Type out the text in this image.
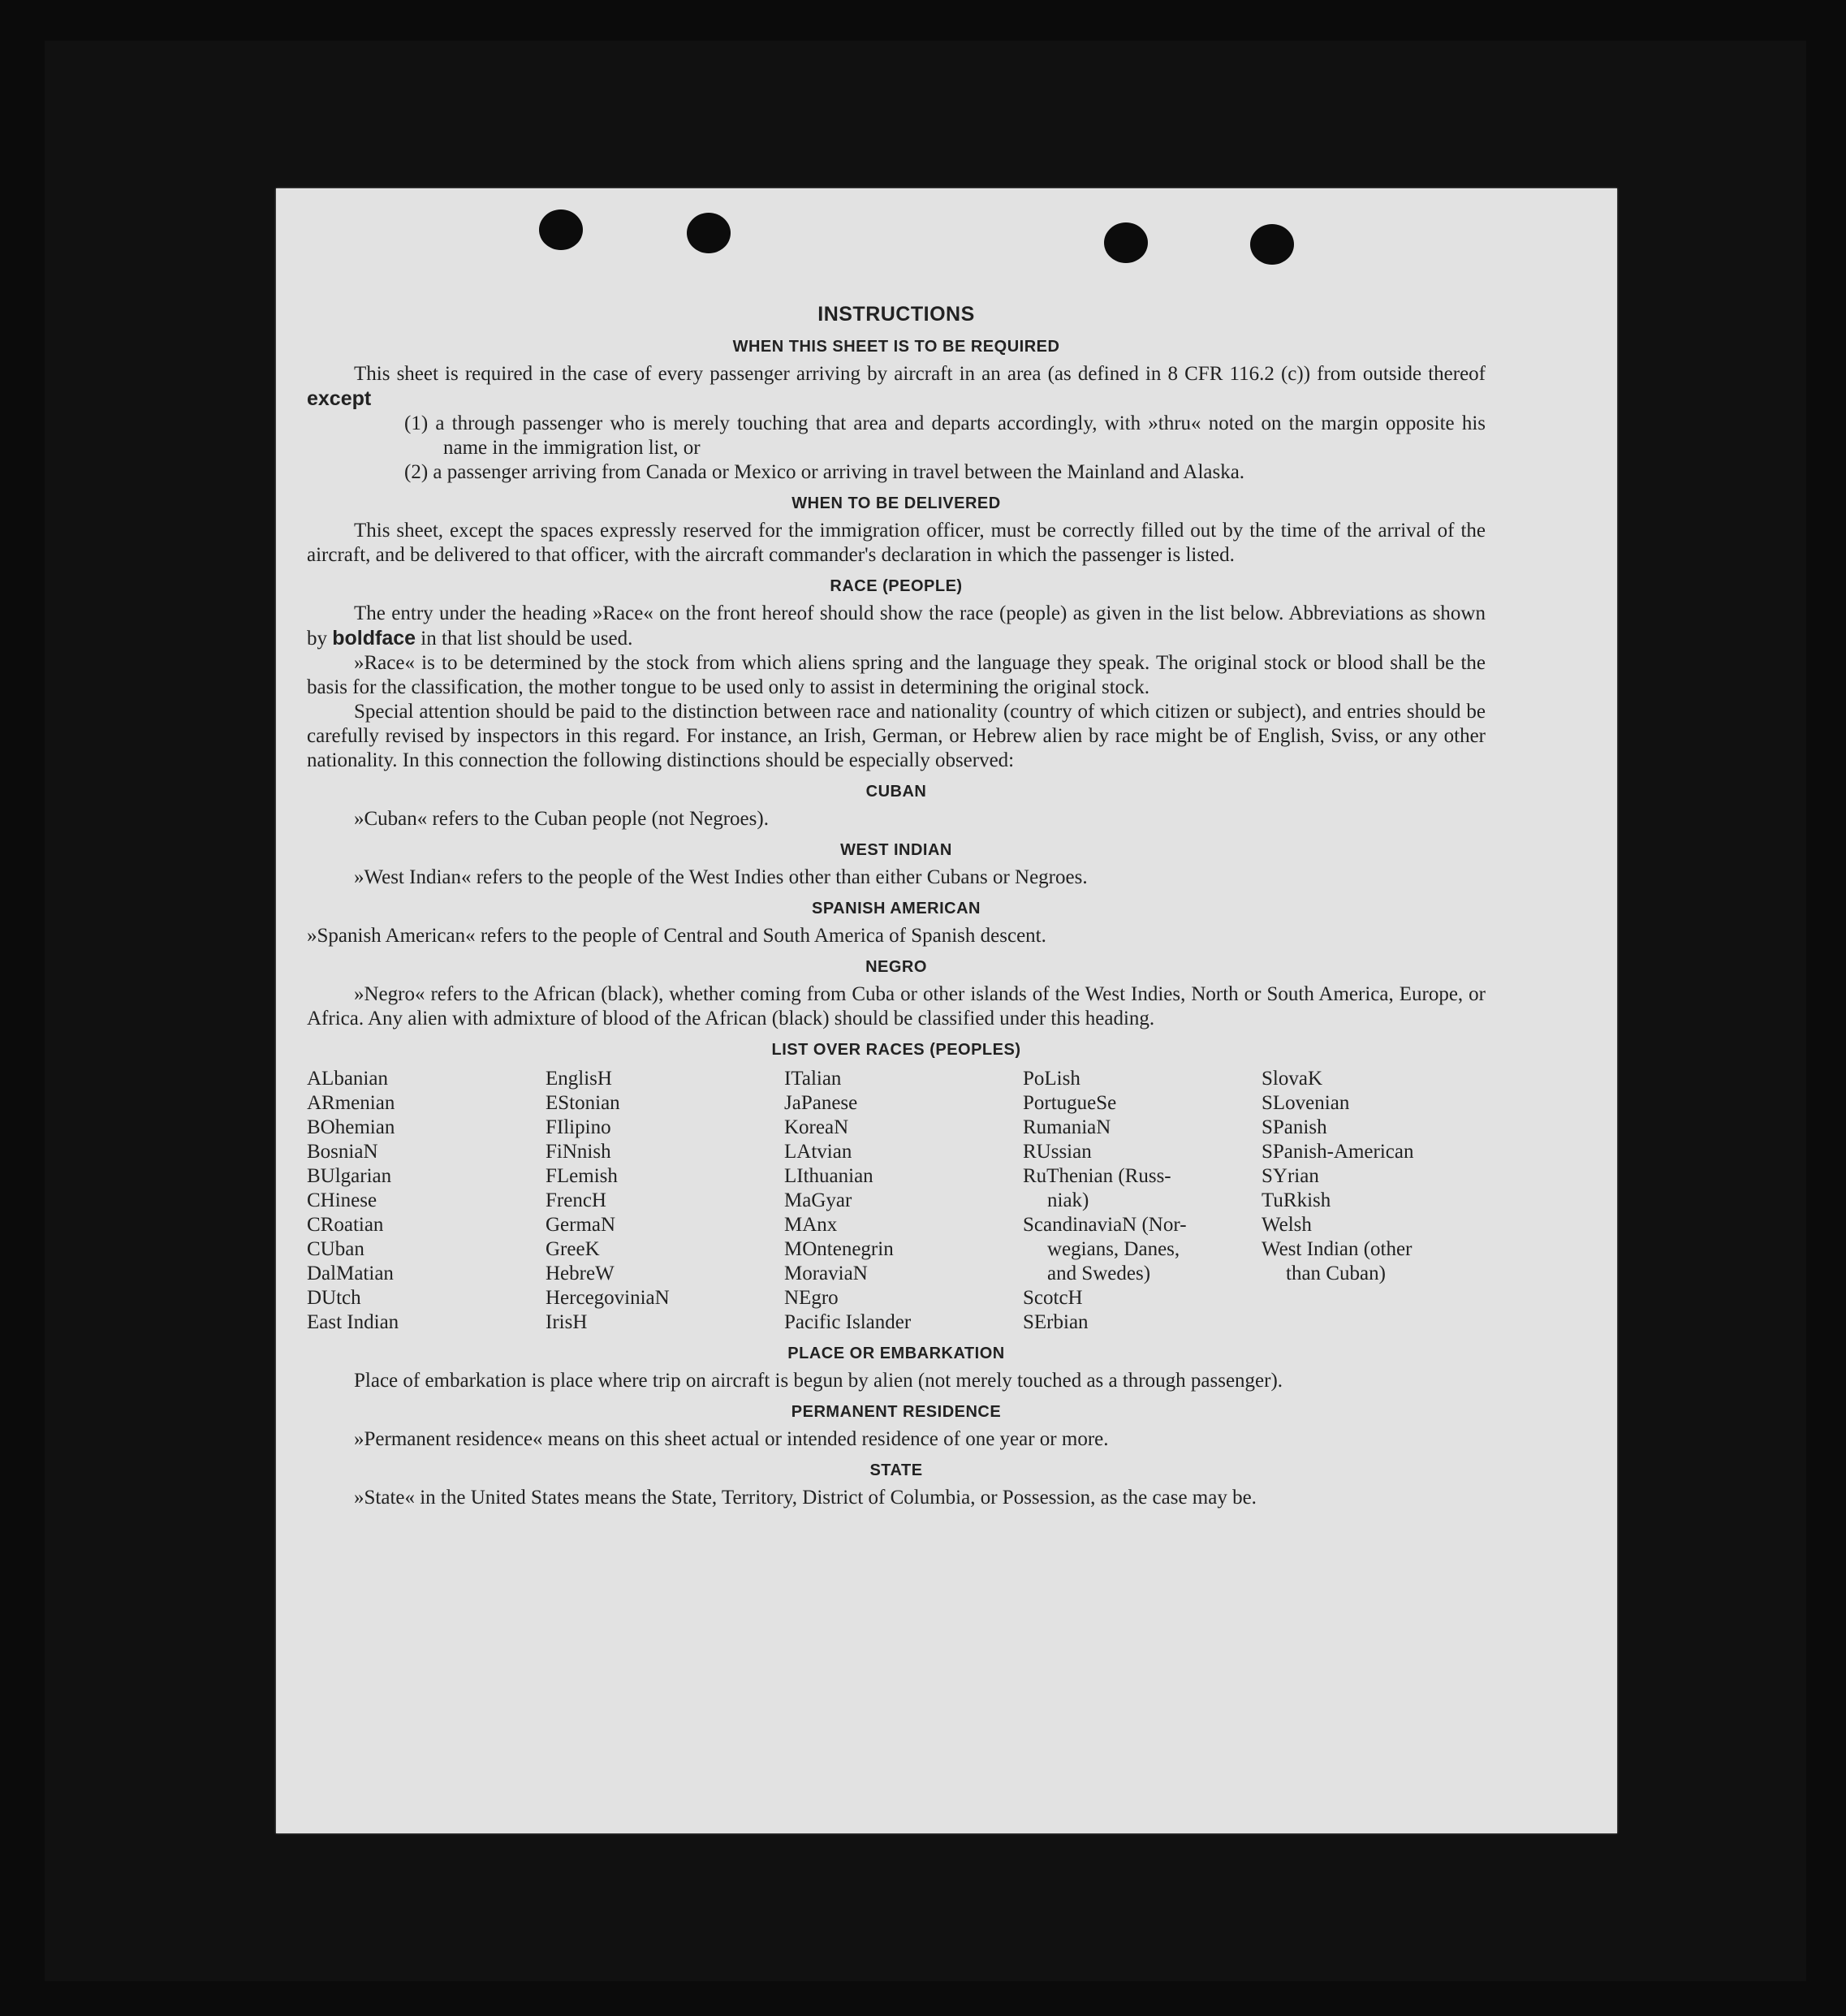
INSTRUCTIONS
WHEN THIS SHEET IS TO BE REQUIRED

This sheet is required in the case of every passenger arriving by aircraft in an area (as defined in 8 CFR 116.2 (c)) from outside thereof except

(1) a through passenger who is merely touching that area and departs accordingly, with »thru« noted on the margin opposite his name in the immigration list, or

(2) a passenger arriving from Canada or Mexico or arriving in travel between the Mainland and Alaska.

WHEN TO BE DELIVERED

This sheet, except the spaces expressly reserved for the immigration officer, must be correctly filled out by the time of the arrival of the aircraft, and be delivered to that officer, with the aircraft commander's declaration in which the passenger is listed.

RACE (PEOPLE)

The entry under the heading »Race« on the front hereof should show the race (people) as given in the list below. Abbreviations as shown by boldface in that list should be used.

»Race« is to be determined by the stock from which aliens spring and the language they speak. The original stock or blood shall be the basis for the classification, the mother tongue to be used only to assist in determining the original stock.

Special attention should be paid to the distinction between race and nationality (country of which citizen or subject), and entries should be carefully revised by inspectors in this regard. For instance, an Irish, German, or Hebrew alien by race might be of English, Sviss, or any other nationality. In this connection the following distinctions should be especially observed:

CUBAN

»Cuban« refers to the Cuban people (not Negroes).

WEST INDIAN

»West Indian« refers to the people of the West Indies other than either Cubans or Negroes.

SPANISH AMERICAN

»Spanish American« refers to the people of Central and South America of Spanish descent.

NEGRO

»Negro« refers to the African (black), whether coming from Cuba or other islands of the West Indies, North or South America, Europe, or Africa. Any alien with admixture of blood of the African (black) should be classified under this heading.

LIST OVER RACES (PEOPLES)
ALbanian
ARmenian
BOhemian
BosniaN
BUlgarian
CHinese
CRoatian
CUban
DalMatian
DUtch
East Indian
EnglisH
EStonian
FIlipino
FiNnish
FLemish
FrencH
GermaN
GreeK
HebreW
HercegoviniaN
IrisH
ITalian
JaPanese
KoreaN
LAtvian
LIthuanian
MaGyar
MAnx
MOntenegrin
MoraviaN
NEgro
Pacific Islander
PoLish
PortugueSe
RumaniaN
RUssian
RuThenian (Russ-
niak)
ScandinaviaN (Nor-
wegians, Danes,
and Swedes)
ScotcH
SErbian
SlovaK
SLovenian
SPanish
SPanish-American
SYrian
TuRkish
Welsh
West Indian (other
than Cuban)
PLACE OR EMBARKATION

Place of embarkation is place where trip on aircraft is begun by alien (not merely touched as a through passenger).

PERMANENT RESIDENCE

»Permanent residence« means on this sheet actual or intended residence of one year or more.

STATE

»State« in the United States means the State, Territory, District of Columbia, or Possession, as the case may be.
